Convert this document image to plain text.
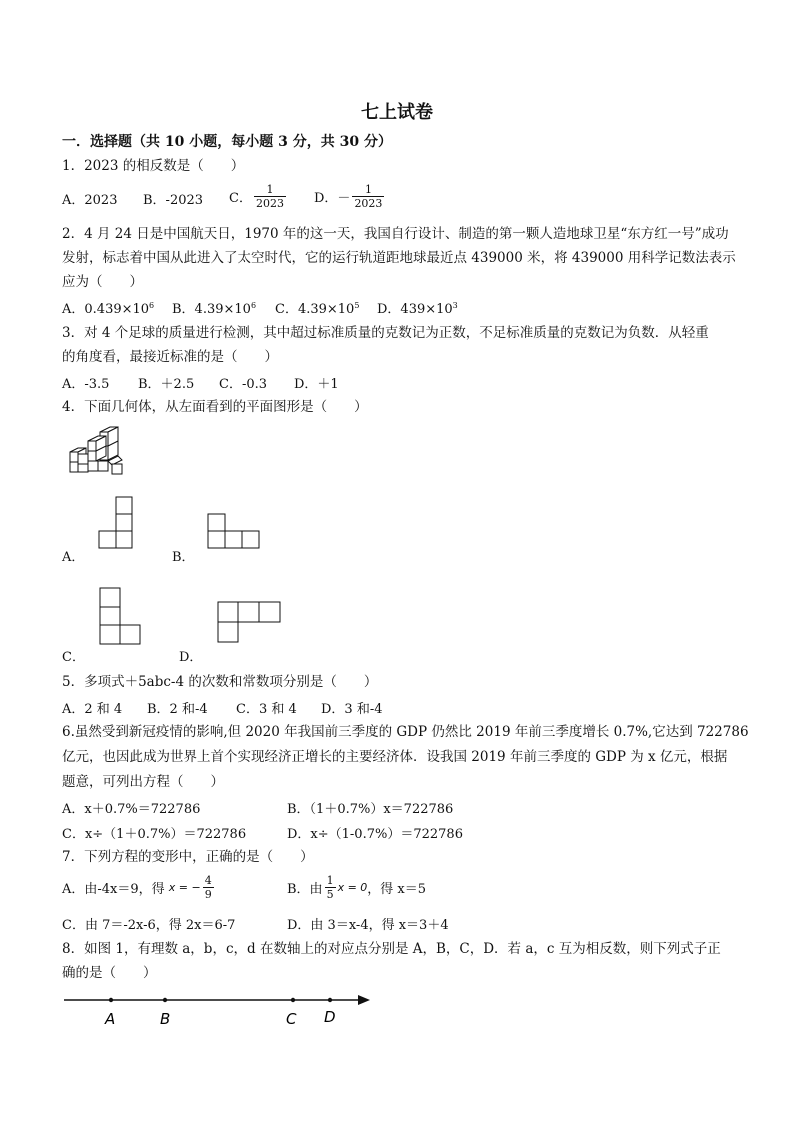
七上试卷
一．选择题（共 10 小题，每小题 3 分，共 30 分）
1．2023 的相反数是（　　）
A．2023 B．-2023 C． $\frac{1}{2023}$ D．－ $\frac{1}{2023}$
2．4 月 24 日是中国航天日，1970 年的这一天，我国自行设计、制造的第一颗人造地球卫星“东方红一号”成功
发射，标志着中国从此进入了太空时代，它的运行轨道距地球最近点 439000 米，将 439000 用科学记数法表示
应为（　　）
A．$0.439\times 10^6$ B．$4.39\times 10^6$ C．$4.39\times 10^5$ D．$439\times 10^3$
3．对 4 个足球的质量进行检测，其中超过标准质量的克数记为正数，不足标准质量的克数记为负数．从轻重
的角度看，最接近标准的是（　　）
A．-3.5 B．＋2.5 C．-0.3 D．＋1
4．下面几何体，从左面看到的平面图形是（　　）
A．	B．
C．	D．
5．多项式＋5abc-4 的次数和常数项分别是（　　）
A．2 和 4 B．2 和-4 C．3 和 4 D．3 和-4
6.虽然受到新冠疫情的影响,但 2020 年我国前三季度的 GDP 仍然比 2019 年前三季度增长 0.7%,它达到 722786
亿元，也因此成为世界上首个实现经济正增长的主要经济体．设我国 2019 年前三季度的 GDP 为 x 亿元，根据
题意，可列出方程（　　）
A．x＋0.7%＝722786	B．（1＋0.7%）x＝722786
C．x÷（1＋0.7%）＝722786	D．x÷（1-0.7%）＝722786
7．下列方程的变形中，正确的是（　　）
A．由-4x＝9，得 x = − $\frac{4}{9}$	B．由 $\frac{1}{5}$ x = 0，得 x＝5
C．由 7＝-2x-6，得 2x＝6-7	D．由 3＝x-4，得 x＝3＋4
8．如图 1，有理数 a，b，c，d 在数轴上的对应点分别是 A，B，C，D．若 a，c 互为相反数，则下列式子正
确的是（　　）
A	B	C D
